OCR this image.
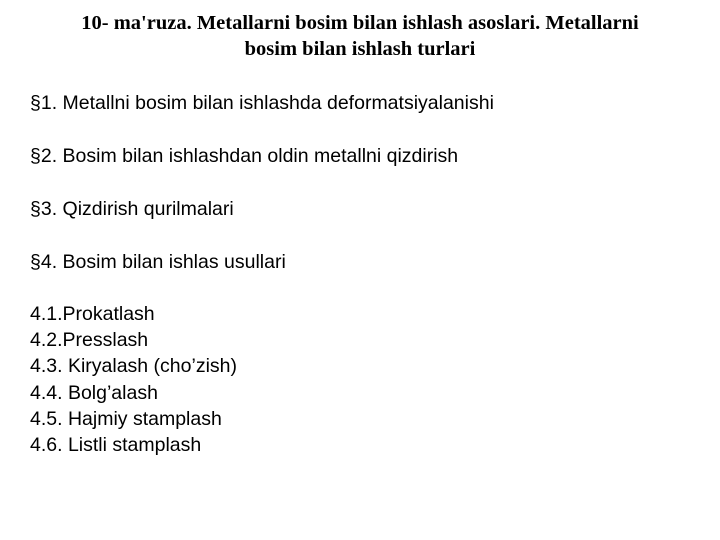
10- ma'ruza. Metallarni bosim bilan ishlash asoslari. Metallarni
bosim bilan ishlash turlari
§1. Metallni bosim bilan ishlashda deformatsiyalanishi
§2. Bosim bilan ishlashdan oldin metallni qizdirish
§3. Qizdirish qurilmalari
§4. Bosim bilan ishlas usullari
4.1.Prokatlash
4.2.Presslash
4.3. Kiryalash (cho’zish)
4.4. Bolg’alash
4.5. Hajmiy stamplash
4.6. Listli stamplash
